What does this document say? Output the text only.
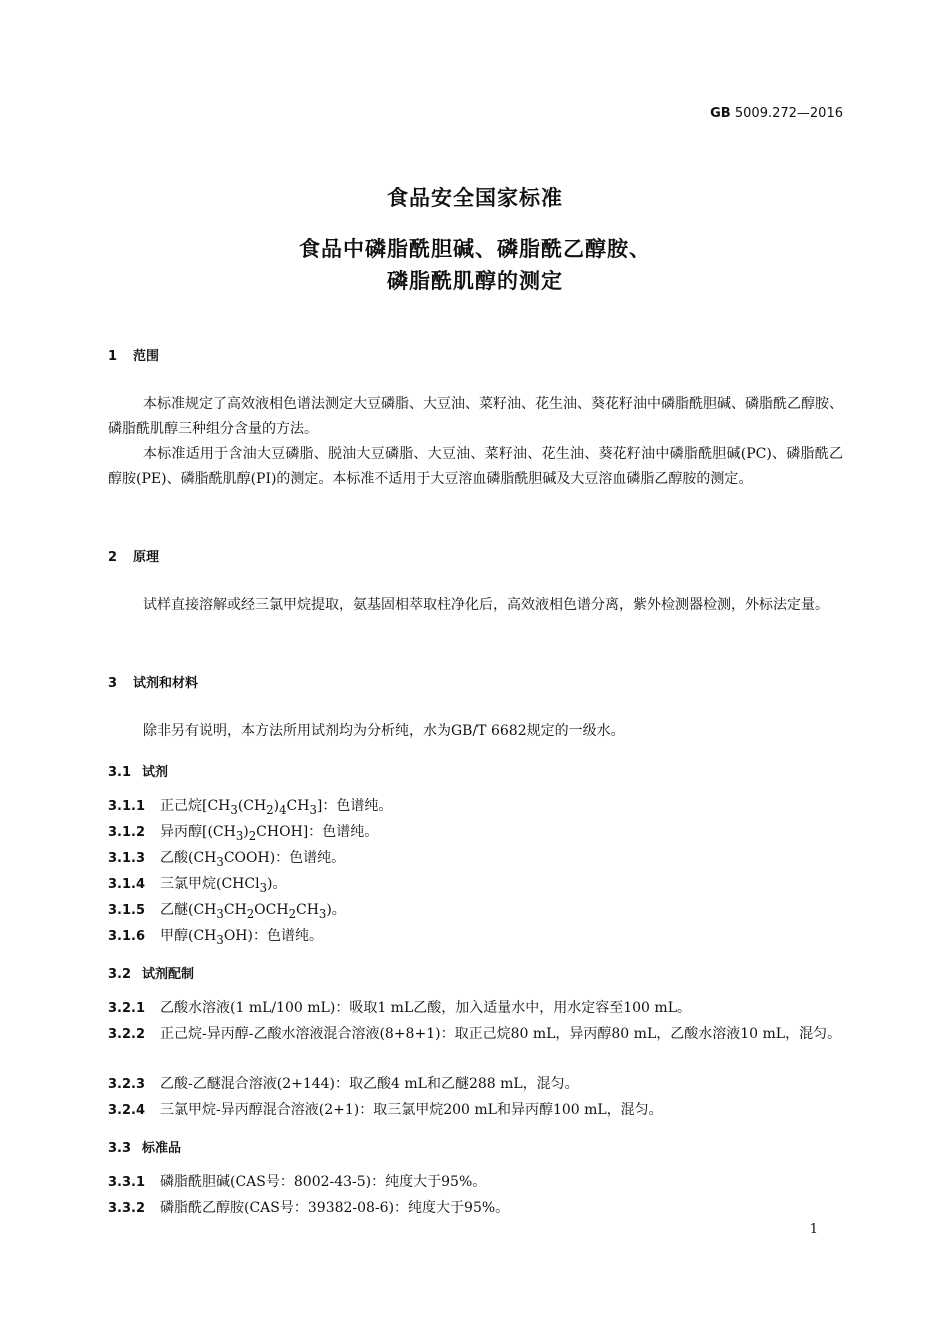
GB 5009.272—2016
食品安全国家标准
食品中磷脂酰胆碱、磷脂酰乙醇胺、
磷脂酰肌醇的测定
1 范围

本标准规定了高效液相色谱法测定大豆磷脂、大豆油、菜籽油、花生油、葵花籽油中磷脂酰胆碱、磷脂酰乙醇胺、磷脂酰肌醇三种组分含量的方法。

本标准适用于含油大豆磷脂、脱油大豆磷脂、大豆油、菜籽油、花生油、葵花籽油中磷脂酰胆碱(PC)、磷脂酰乙醇胺(PE)、磷脂酰肌醇(PI)的测定。本标准不适用于大豆溶血磷脂酰胆碱及大豆溶血磷脂乙醇胺的测定。

2 原理

试样直接溶解或经三氯甲烷提取，氨基固相萃取柱净化后，高效液相色谱分离，紫外检测器检测，外标法定量。

3 试剂和材料

除非另有说明，本方法所用试剂均为分析纯，水为GB/T 6682规定的一级水。

3.1 试剂

3.1.1 正己烷$[CH_3(CH_2)_4CH_3]$：色谱纯。

3.1.2 异丙醇$[(CH_3)_2CHOH]$：色谱纯。

3.1.3 乙酸$(CH_3COOH)$：色谱纯。

3.1.4 三氯甲烷(CHCl$_3$)。

3.1.5 乙醚$(CH_3CH_2OCH_2CH_3)$。

3.1.6 甲醇$(CH_3OH)$：色谱纯。

3.2 试剂配制

3.2.1 乙酸水溶液(1 mL/100 mL)：吸取1 mL乙酸，加入适量水中，用水定容至100 mL。

3.2.2 正己烷-异丙醇-乙酸水溶液混合溶液(8+8+1)：取正己烷80 mL，异丙醇80 mL，乙酸水溶液10 mL，混匀。

3.2.3 乙酸-乙醚混合溶液(2+144)：取乙酸4 mL和乙醚288 mL，混匀。

3.2.4 三氯甲烷-异丙醇混合溶液(2+1)：取三氯甲烷200 mL和异丙醇100 mL，混匀。

3.3 标准品

3.3.1 磷脂酰胆碱(CAS号：8002-43-5)：纯度大于95%。

3.3.2 磷脂酰乙醇胺(CAS号：39382-08-6)：纯度大于95%。

1
